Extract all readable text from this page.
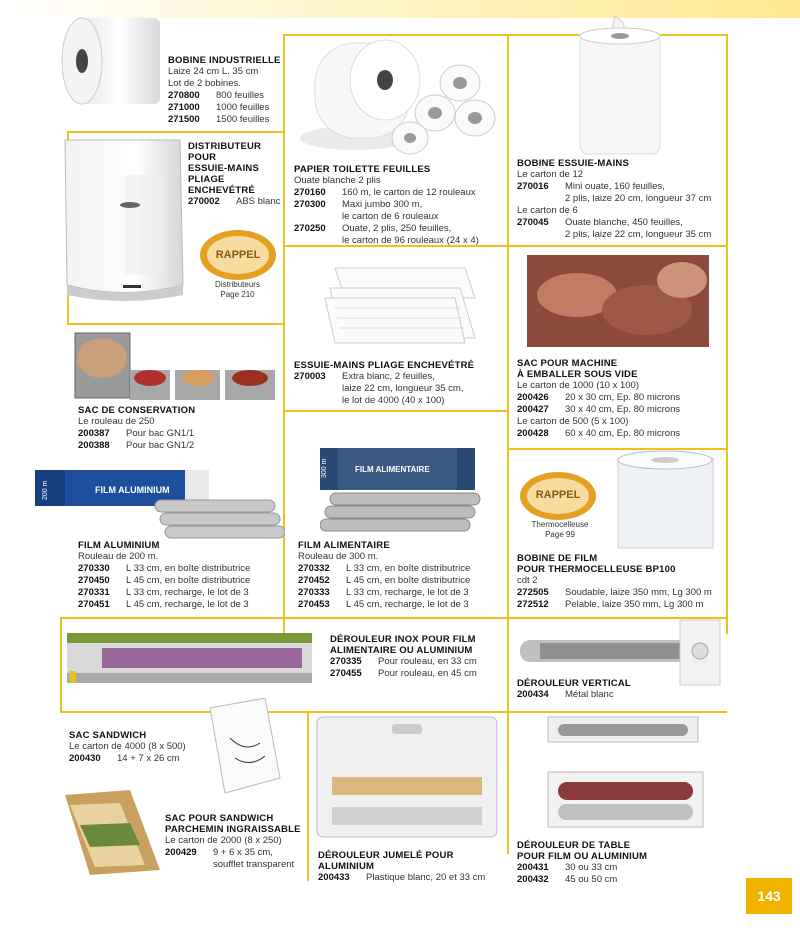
FILM ALUMINIUM
200 m
FILM ALIMENTAIRE
300 m
RAPPEL
Distributeurs
Page 210
RAPPEL
Thermocelleuse
Page 99
BOBINE INDUSTRIELLE
Laize 24 cm L. 35 cm
Lot de 2 bobines.
270800	800 feuilles
271000	1000 feuilles
271500	1500 feuilles
DISTRIBUTEUR
POUR
ESSUIE-MAINS
PLIAGE
ENCHEVÉTRÉ
270002	ABS blanc
PAPIER TOILETTE FEUILLES
Ouate blanche 2 plis
270160	160 m, le carton de 12 rouleaux
270300	Maxi jumbo 300 m,
le carton de 6 rouleaux
270250	Ouate, 2 plis, 250 feuilles,
le carton de 96 rouleaux (24 x 4)
BOBINE ESSUIE-MAINS
Le carton de 12
270016	Mini ouate, 160 feuilles,
2 plis, laize 20 cm, longueur 37 cm
Le carton de 6
270045	Ouate blanche, 450 feuilles,
2 plis, laize 22 cm, longueur 35 cm
ESSUIE-MAINS PLIAGE ENCHEVÉTRÉ
270003	Extra blanc, 2 feuilles,
laize 22 cm, longueur 35 cm,
le lot de 4000 (40 x 100)
SAC POUR MACHINE
À EMBALLER SOUS VIDE
Le carton de 1000 (10 x 100)
200426	20 x 30 cm, Ep. 80 microns
200427	30 x 40 cm, Ep. 80 microns
Le carton de 500 (5 x 100)
200428	60 x 40 cm, Ep. 80 microns
SAC DE CONSERVATION
Le rouleau de 250
200387	Pour bac GN1/1
200388	Pour bac GN1/2
FILM ALUMINIUM
Rouleau de 200 m.
270330	L 33 cm, en boîte distributrice
270450	L 45 cm, en boîte distributrice
270331	L 33 cm, recharge, le lot de 3
270451	L 45 cm, recharge, le lot de 3
FILM ALIMENTAIRE
Rouleau de 300 m.
270332	L 33 cm, en boîte distributrice
270452	L 45 cm, en boîte distributrice
270333	L 33 cm, recharge, le lot de 3
270453	L 45 cm, recharge, le lot de 3
BOBINE DE FILM
POUR THERMOCELLEUSE BP100
cdt 2
272505	Soudable, laize 350 mm, Lg 300 m
272512	Pelable, laize 350 mm, Lg 300 m
DÉROULEUR INOX POUR FILM
ALIMENTAIRE OU ALUMINIUM
270335	Pour rouleau, en 33 cm
270455	Pour rouleau, en 45 cm
DÉROULEUR VERTICAL
200434	Métal blanc
SAC SANDWICH
Le carton de 4000 (8 x 500)
200430	14 + 7 x 26 cm
SAC POUR SANDWICH
PARCHEMIN INGRAISSABLE
Le carton de 2000 (8 x 250)
200429	9 + 6 x 35 cm,
soufflet transparent
DÉROULEUR JUMELÉ POUR ALUMINIUM
200433	Plastique blanc, 20 et 33 cm
DÉROULEUR DE TABLE
POUR FILM OU ALUMINIUM
200431	30 ou 33 cm
200432	45 ou 50 cm
143
